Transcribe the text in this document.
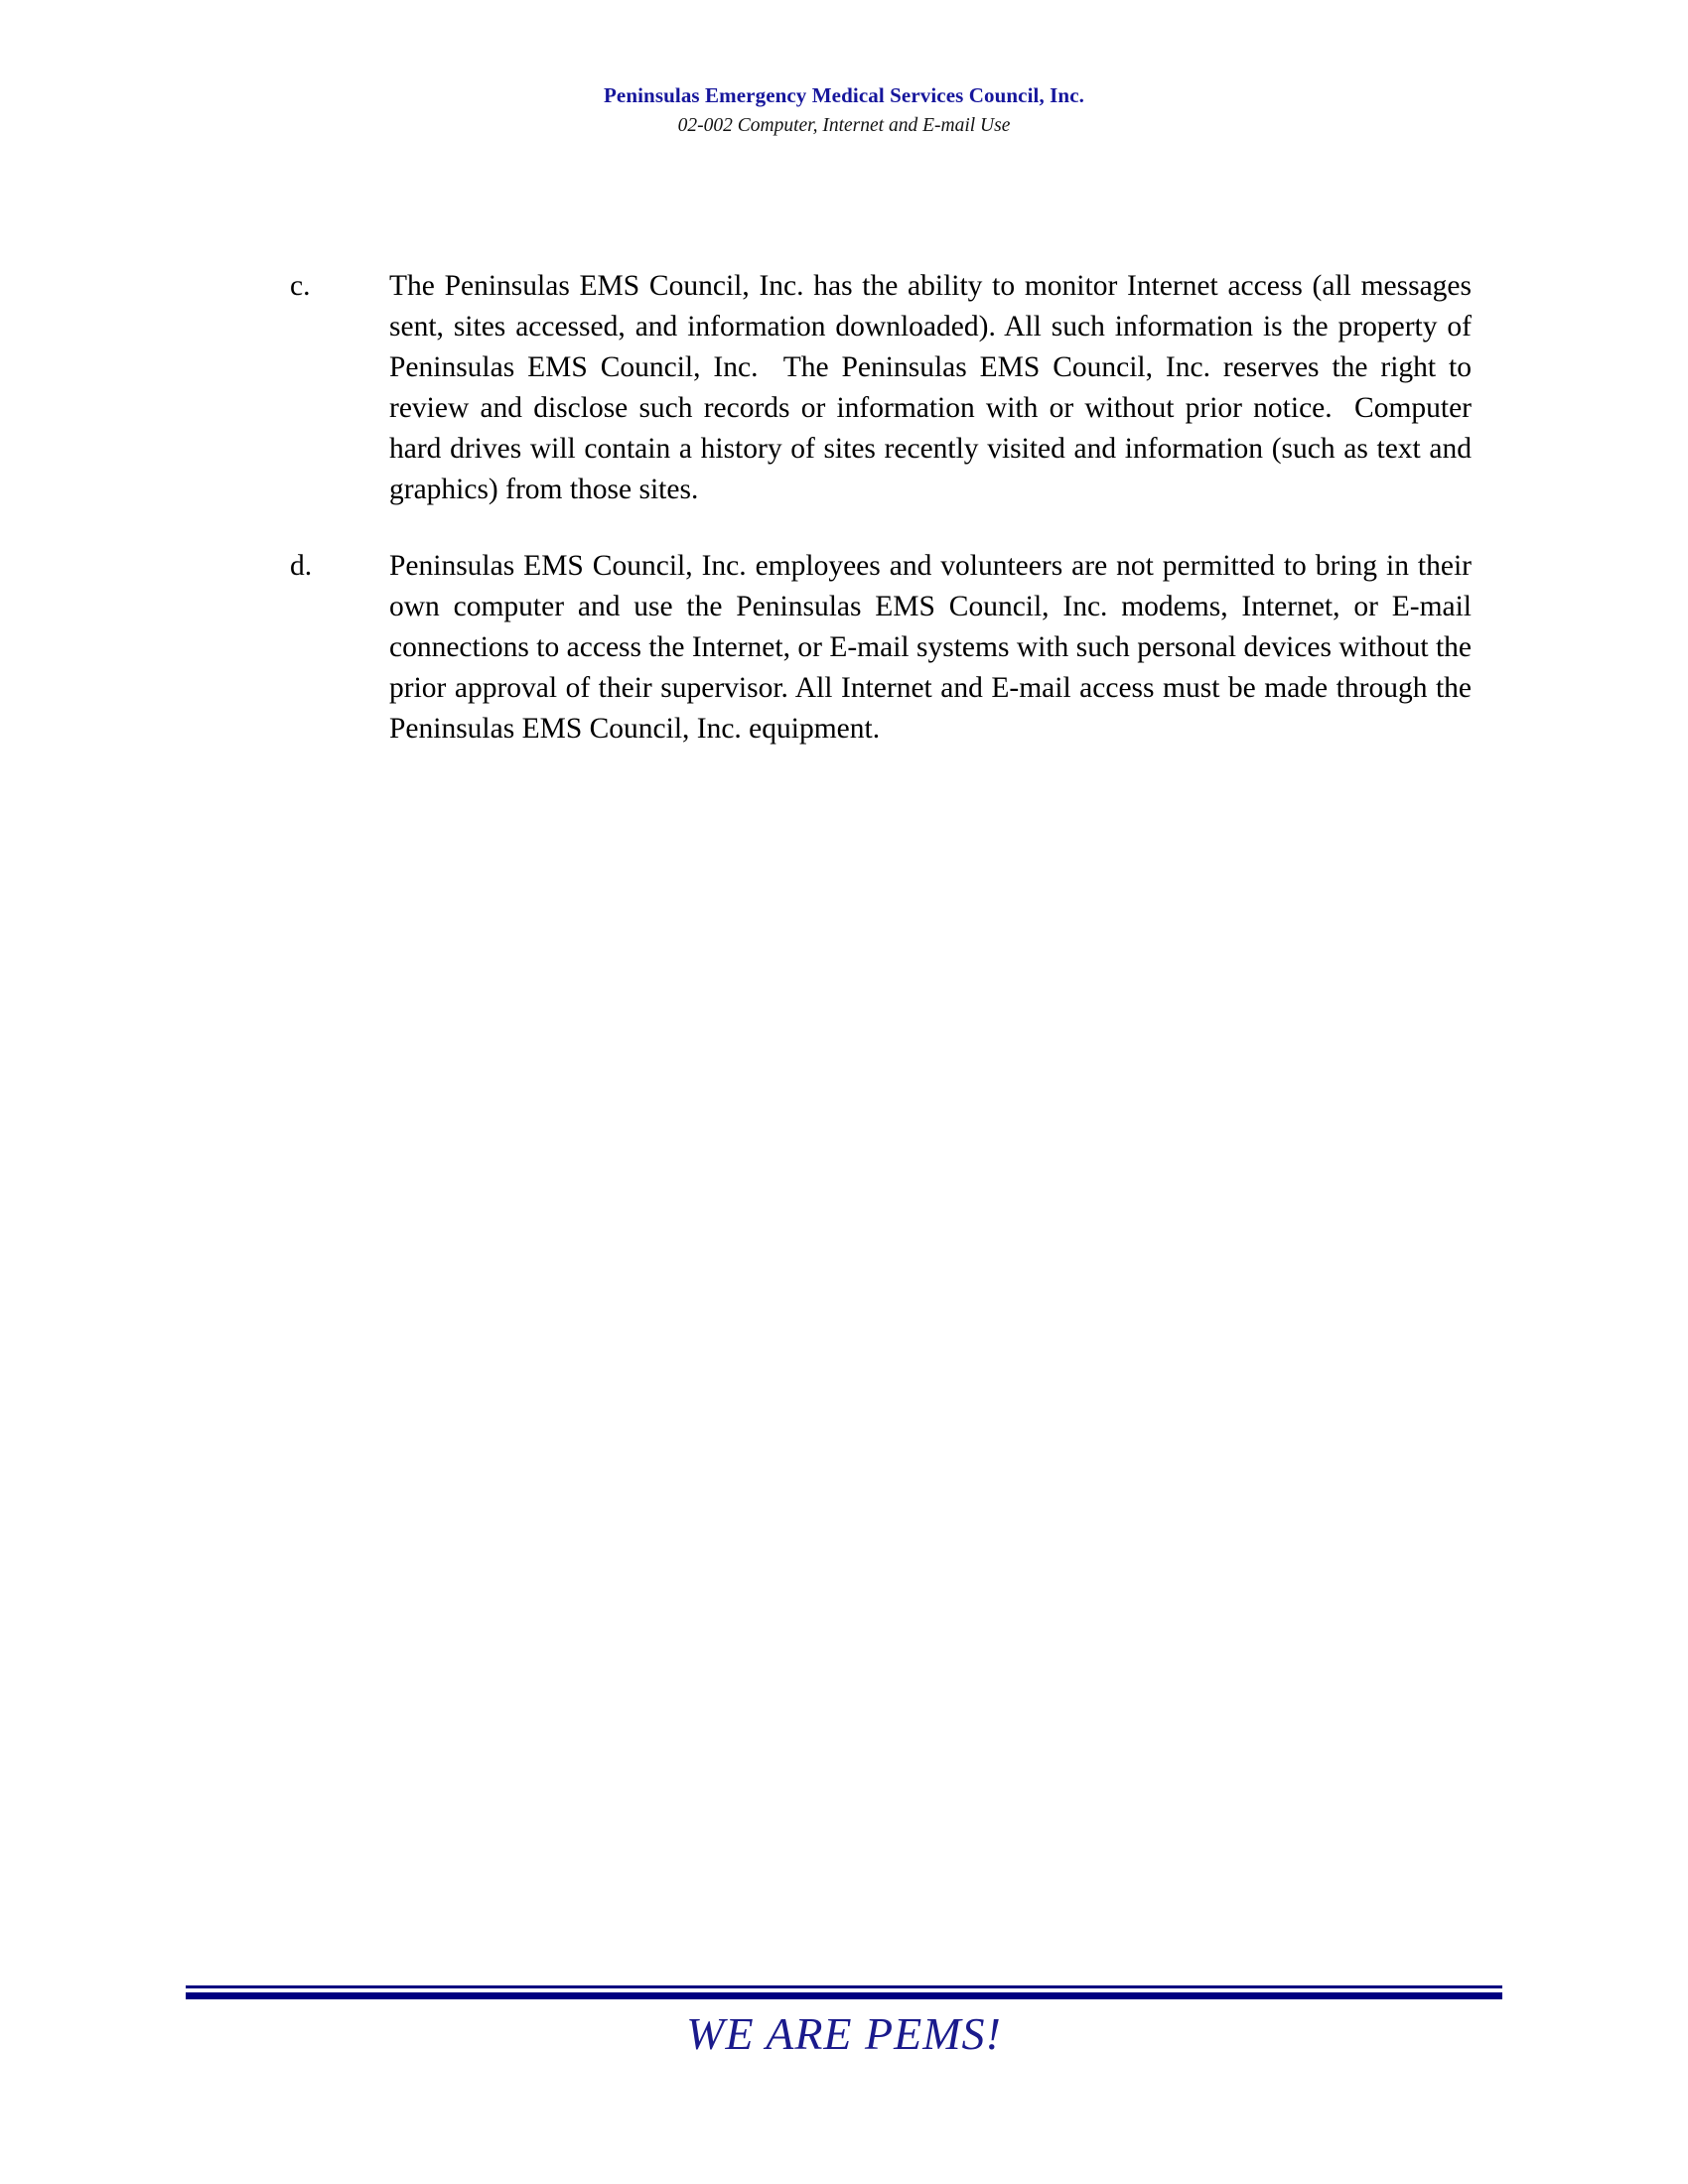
Peninsulas Emergency Medical Services Council, Inc.
02-002 Computer, Internet and E-mail Use
c.	The Peninsulas EMS Council, Inc. has the ability to monitor Internet access (all messages sent, sites accessed, and information downloaded). All such information is the property of Peninsulas EMS Council, Inc.  The Peninsulas EMS Council, Inc. reserves the right to review and disclose such records or information with or without prior notice.  Computer hard drives will contain a history of sites recently visited and information (such as text and graphics) from those sites.
d.	Peninsulas EMS Council, Inc. employees and volunteers are not permitted to bring in their own computer and use the Peninsulas EMS Council, Inc. modems, Internet, or E-mail connections to access the Internet, or E-mail systems with such personal devices without the prior approval of their supervisor. All Internet and E-mail access must be made through the Peninsulas EMS Council, Inc. equipment.
WE ARE PEMS!
